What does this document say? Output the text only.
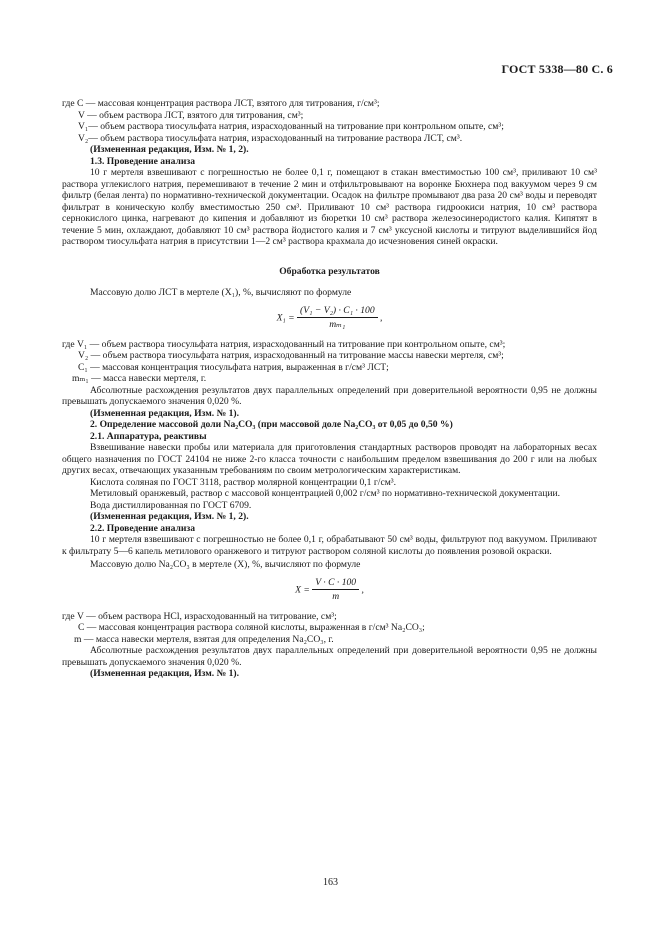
ГОСТ 5338—80 С. 6

где C — массовая концентрация раствора ЛСТ, взятого для титрования, г/см³;

V — объем раствора ЛСТ, взятого для титрования, см³;

V₁— объем раствора тиосульфата натрия, израсходованный на титрование при контрольном опыте, см³;

V₂— объем раствора тиосульфата натрия, израсходованный на титрование раствора ЛСТ, см³.

(Измененная редакция, Изм. № 1, 2).

1.3. Проведение анализа

10 г мертеля взвешивают с погрешностью не более 0,1 г, помещают в стакан вместимостью 100 см³, приливают 10 см³ раствора углекислого натрия, перемешивают в течение 2 мин и отфильтровывают на воронке Бюхнера под вакуумом через 9 см фильтр (белая лента) по нормативно-технической документации. Осадок на фильтре промывают два раза 20 см³ воды и переводят фильтрат в коническую колбу вместимостью 250 см³. Приливают 10 см³ раствора гидроокиси натрия, 10 см³ раствора сернокислого цинка, нагревают до кипения и добавляют из бюретки 10 см³ раствора железосинеродистого калия. Кипятят в течение 5 мин, охлаждают, добавляют 10 см³ раствора йодистого калия и 7 см³ уксусной кислоты и титруют выделившийся йод раствором тиосульфата натрия в присутствии 1—2 см³ раствора крахмала до исчезновения синей окраски.

Обработка результатов

Массовую долю ЛСТ в мертеле (X₁), %, вычисляют по формуле

$X_1 = \frac{\text{(V₁ − V₂) · C₁ · 100}}{\text{mₘ₁}}$ ,

где V₁ — объем раствора тиосульфата натрия, израсходованный на титрование при контрольном опыте, см³;

V₂ — объем раствора тиосульфата натрия, израсходованный на титрование массы навески мертеля, см³;

C₁ — массовая концентрация тиосульфата натрия, выраженная в г/см³ ЛСТ;

mₘ₁ — масса навески мертеля, г.

Абсолютные расхождения результатов двух параллельных определений при доверительной вероятности 0,95 не должны превышать допускаемого значения 0,020 %.

(Измененная редакция, Изм. № 1).

2. Определение массовой доли Na₂CO₃ (при массовой доле Na₂CO₃ от 0,05 до 0,50 %)

2.1. Аппаратура, реактивы

Взвешивание навески пробы или материала для приготовления стандартных растворов проводят на лабораторных весах общего назначения по ГОСТ 24104 не ниже 2-го класса точности с наибольшим пределом взвешивания до 200 г или на любых других весах, отвечающих указанным требованиям по своим метрологическим характеристикам.

Кислота соляная по ГОСТ 3118, раствор молярной концентрации 0,1 г/см³.

Метиловый оранжевый, раствор с массовой концентрацией 0,002 г/см³ по нормативно-технической документации.

Вода дистиллированная по ГОСТ 6709.

(Измененная редакция, Изм. № 1, 2).

2.2. Проведение анализа

10 г мертеля взвешивают с погрешностью не более 0,1 г, обрабатывают 50 см³ воды, фильтруют под вакуумом. Приливают к фильтрату 5—6 капель метилового оранжевого и титруют раствором соляной кислоты до появления розовой окраски.

Массовую долю Na₂CO₃ в мертеле (X), %, вычисляют по формуле

$X = \frac{V \cdot C \cdot 100}{m}$ ,

где V — объем раствора HCl, израсходованный на титрование, см³;

C — массовая концентрация раствора соляной кислоты, выраженная в г/см³ Na₂CO₃;

m — масса навески мертеля, взятая для определения Na₂CO₃, г.

Абсолютные расхождения результатов двух параллельных определений при доверительной вероятности 0,95 не должны превышать допускаемого значения 0,020 %.

(Измененная редакция, Изм. № 1).

163
